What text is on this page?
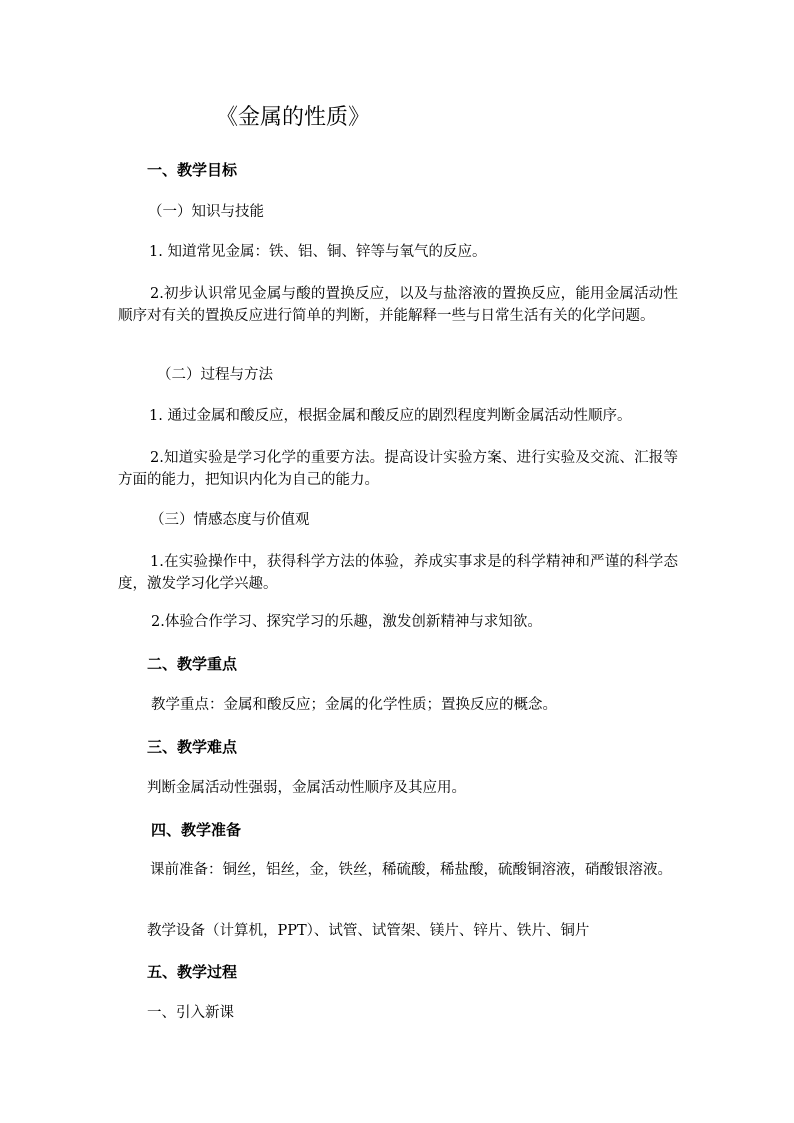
《金属的性质》
一、教学目标
（一）知识与技能
1. 知道常见金属：铁、铝、铜、锌等与氧气的反应。
2.初步认识常见金属与酸的置换反应，以及与盐溶液的置换反应，能用金属活动性顺序对有关的置换反应进行简单的判断，并能解释一些与日常生活有关的化学问题。
（二）过程与方法
1. 通过金属和酸反应，根据金属和酸反应的剧烈程度判断金属活动性顺序。
2.知道实验是学习化学的重要方法。提高设计实验方案、进行实验及交流、汇报等方面的能力，把知识内化为自己的能力。
（三）情感态度与价值观
1.在实验操作中，获得科学方法的体验，养成实事求是的科学精神和严谨的科学态度，激发学习化学兴趣。
2.体验合作学习、探究学习的乐趣，激发创新精神与求知欲。
二、教学重点
教学重点：金属和酸反应；金属的化学性质；置换反应的概念。
三、教学难点
判断金属活动性强弱，金属活动性顺序及其应用。
四、教学准备
课前准备：铜丝，铝丝，金，铁丝，稀硫酸，稀盐酸，硫酸铜溶液，硝酸银溶液。
教学设备（计算机，PPT）、试管、试管架、镁片、锌片、铁片、铜片
五、教学过程
一、引入新课
